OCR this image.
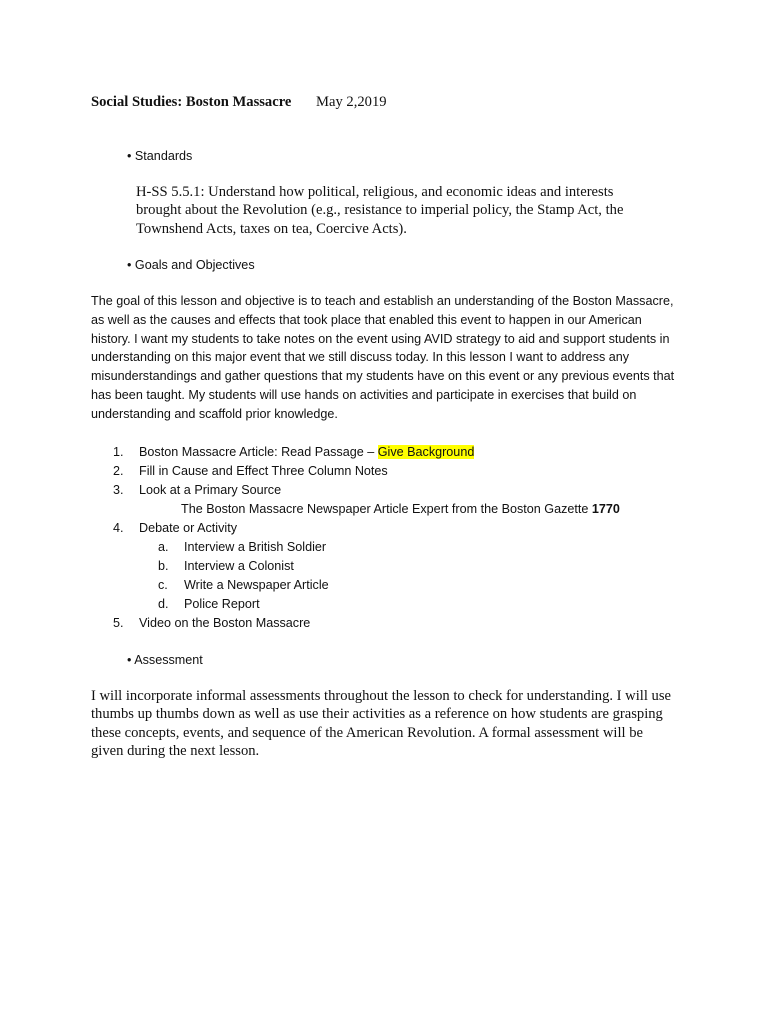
Social Studies: Boston Massacre May 2,2019
• Standards
H-SS 5.5.1: Understand how political, religious, and economic ideas and interests brought about the Revolution (e.g., resistance to imperial policy, the Stamp Act, the Townshend Acts, taxes on tea, Coercive Acts).
• Goals and Objectives
The goal of this lesson and objective is to teach and establish an understanding of the Boston Massacre, as well as the causes and effects that took place that enabled this event to happen in our American history. I want my students to take notes on the event using AVID strategy to aid and support students in understanding on this major event that we still discuss today. In this lesson I want to address any misunderstandings and gather questions that my students have on this event or any previous events that has been taught. My students will use hands on activities and participate in exercises that build on understanding and scaffold prior knowledge.
1. Boston Massacre Article: Read Passage – Give Background
2. Fill in Cause and Effect Three Column Notes
3. Look at a Primary Source
The Boston Massacre Newspaper Article Expert from the Boston Gazette 1770
4. Debate or Activity
a. Interview a British Soldier
b. Interview a Colonist
c. Write a Newspaper Article
d. Police Report
5. Video on the Boston Massacre
• Assessment
I will incorporate informal assessments throughout the lesson to check for understanding. I will use thumbs up thumbs down as well as use their activities as a reference on how students are grasping these concepts, events, and sequence of the American Revolution. A formal assessment will be given during the next lesson.
